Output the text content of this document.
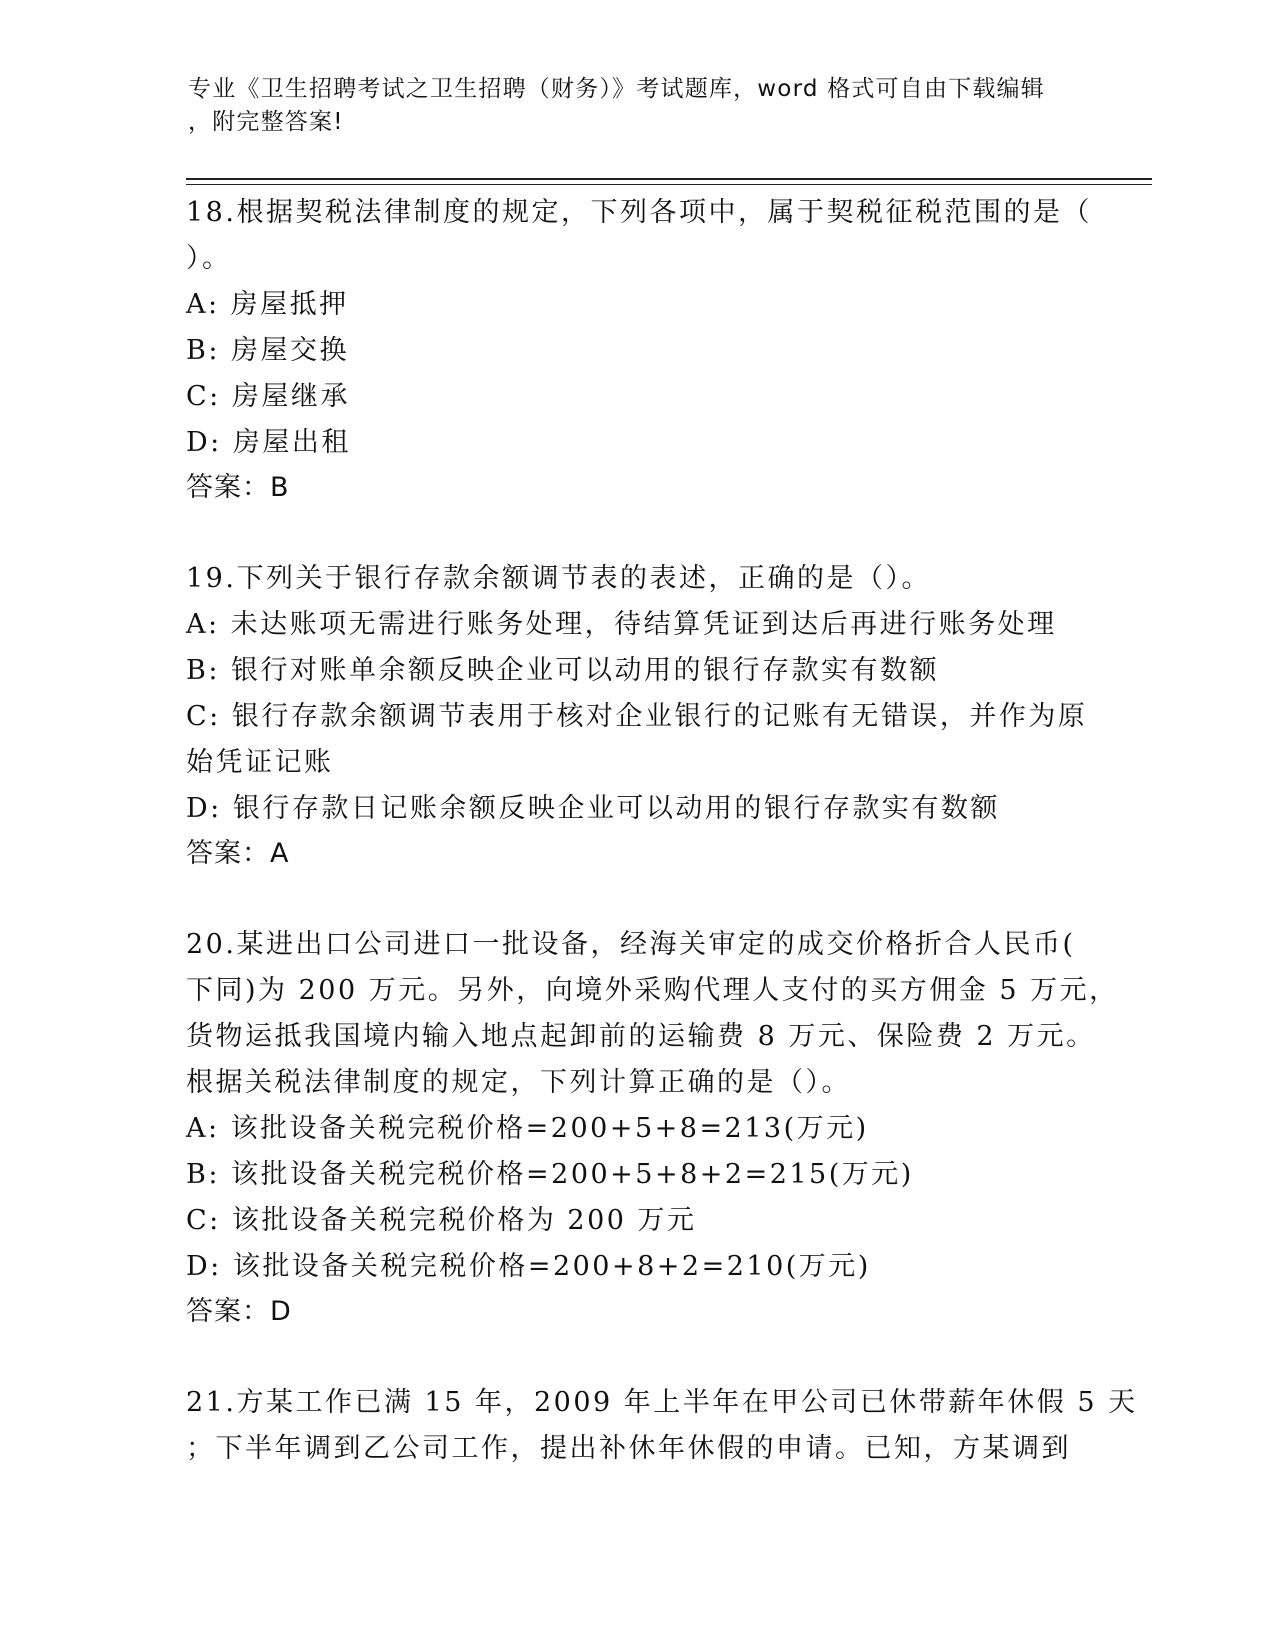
专业《卫生招聘考试之卫生招聘（财务）》考试题库，word 格式可自由下载编辑
，附完整答案!
18.根据契税法律制度的规定，下列各项中，属于契税征税范围的是（
）。
A: 房屋抵押
B: 房屋交换
C: 房屋继承
D: 房屋出租
答案：B
19.下列关于银行存款余额调节表的表述，正确的是（）。
A: 未达账项无需进行账务处理，待结算凭证到达后再进行账务处理
B: 银行对账单余额反映企业可以动用的银行存款实有数额
C: 银行存款余额调节表用于核对企业银行的记账有无错误，并作为原
始凭证记账
D: 银行存款日记账余额反映企业可以动用的银行存款实有数额
答案：A
20.某进出口公司进口一批设备，经海关审定的成交价格折合人民币(
下同)为 200 万元。另外，向境外采购代理人支付的买方佣金 5 万元，
货物运抵我国境内输入地点起卸前的运输费 8 万元、保险费 2 万元。
根据关税法律制度的规定，下列计算正确的是（）。
A: 该批设备关税完税价格=200+5+8=213(万元)
B: 该批设备关税完税价格=200+5+8+2=215(万元)
C: 该批设备关税完税价格为 200 万元
D: 该批设备关税完税价格=200+8+2=210(万元)
答案：D
21.方某工作已满 15 年，2009 年上半年在甲公司已休带薪年休假 5 天
；下半年调到乙公司工作，提出补休年休假的申请。已知，方某调到
